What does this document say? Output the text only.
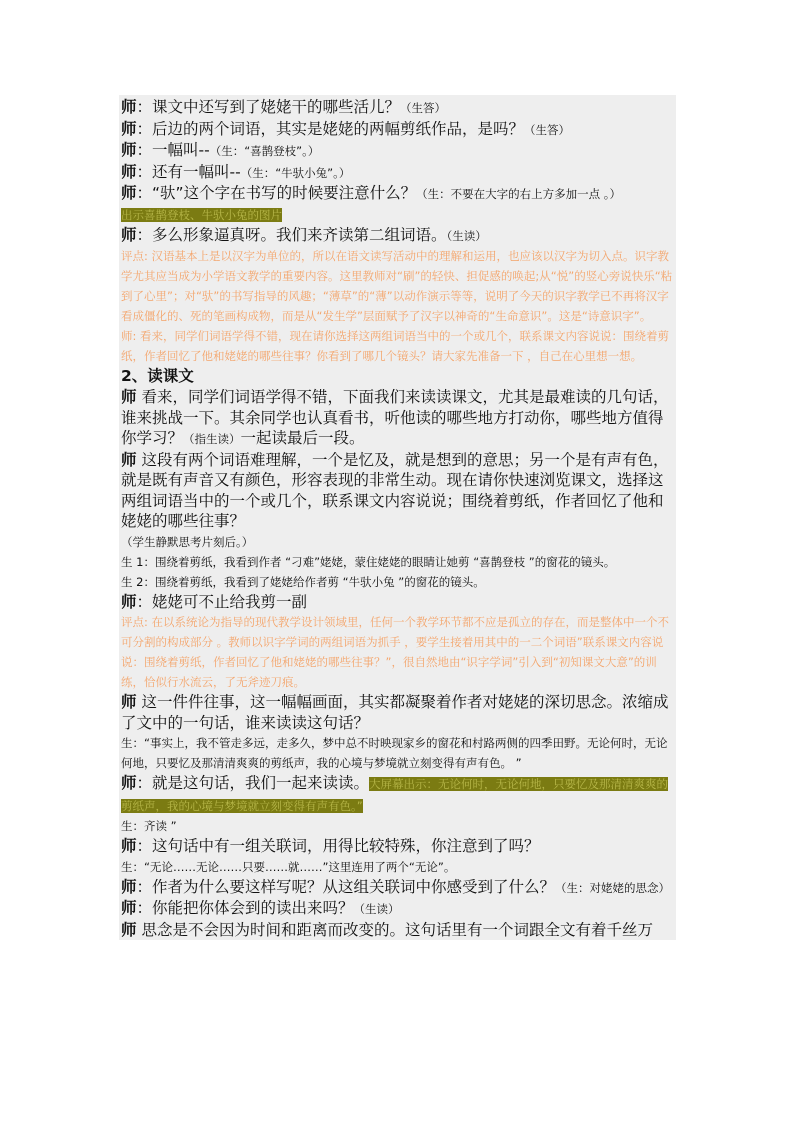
师：课文中还写到了姥姥干的哪些活儿？（生答）
师：后边的两个词语，其实是姥姥的两幅剪纸作品，是吗？（生答）
师：一幅叫--（生：“喜鹊登枝”。）
师：还有一幅叫--（生：“牛驮小兔”。）
师：“驮”这个字在书写的时候要注意什么？（生：不要在大字的右上方多加一点 。）
出示喜鹊登枝、牛驮小兔的图片
师：多么形象逼真呀。我们来齐读第二组词语。（生读）
评点: 汉语基本上是以汉字为单位的，所以在语文读写活动中的理解和运用，也应该以汉字为切入点。识字教学尤其应当成为小学语文教学的重要内容。这里教师对“刷”的轻快、担促感的唤起;从“悦”的竖心旁说快乐“粘到了心里”；对“驮”的书写指导的风趣；“薄草”的“薄”以动作演示等等，说明了今天的识字教学已不再将汉字看成僵化的、死的笔画构成物，而是从“发生学”层面赋予了汉字以神奇的“生命意识”。这是“诗意识字”。
师: 看来，同学们词语学得不错，现在请你选择这两组词语当中的一个或几个，联系课文内容说说：围绕着剪纸，作者回忆了他和姥姥的哪些往事？你看到了哪几个镜头？请大家先准备一下 ，自己在心里想一想。
2、读课文
师 看来，同学们词语学得不错，下面我们来读读课文，尤其是最难读的几句话，谁来挑战一下。其余同学也认真看书，听他读的哪些地方打动你，哪些地方值得你学习？（指生读）一起读最后一段。
师 这段有两个词语难理解，一个是忆及，就是想到的意思；另一个是有声有色，就是既有声音又有颜色，形容表现的非常生动。现在请你快速浏览课文，选择这两组词语当中的一个或几个，联系课文内容说说；围绕着剪纸，作者回忆了他和姥姥的哪些往事？
（学生静默思考片刻后。）
生 1：围绕着剪纸，我看到作者 “刁难”姥姥，蒙住姥姥的眼睛让她剪 “喜鹊登枝 ”的窗花的镜头。
生 2：围绕着剪纸，我看到了姥姥给作者剪 “牛驮小兔 ”的窗花的镜头。
师：姥姥可不止给我剪一副
评点: 在以系统论为指导的现代教学设计领域里，任何一个教学环节都不应是孤立的存在，而是整体中一个不可分割的构成部分 。教师以识字学词的两组词语为抓手 ，要学生接着用其中的一二个词语”联系课文内容说说：围绕着剪纸，作者回忆了他和姥姥的哪些往事？”，很自然地由“识字学词”引入到“初知课文大意”的训练，恰似行水流云，了无斧迹刀痕。
师 这一件件往事，这一幅幅画面，其实都凝聚着作者对姥姥的深切思念。浓缩成了文中的一句话，谁来读读这句话？
生：“事实上，我不管走多远，走多久，梦中总不时映现家乡的窗花和村路两侧的四季田野。无论何时，无论何地，只要忆及那清清爽爽的剪纸声，我的心境与梦境就立刻变得有声有色。 ”
师：就是这句话，我们一起来读读。大屏幕出示：无论何时，无论何地，只要忆及那清清爽爽的剪纸声，我的心境与梦境就立刻变得有声有色。”
生：齐读 ”
师：这句话中有一组关联词，用得比较特殊，你注意到了吗？
生：“无论……无论……只要……就……”这里连用了两个“无论”。
师：作者为什么要这样写呢？从这组关联词中你感受到了什么？（生：对姥姥的思念）
师：你能把你体会到的读出来吗？（生读）
师 思念是不会因为时间和距离而改变的。这句话里有一个词跟全文有着千丝万
